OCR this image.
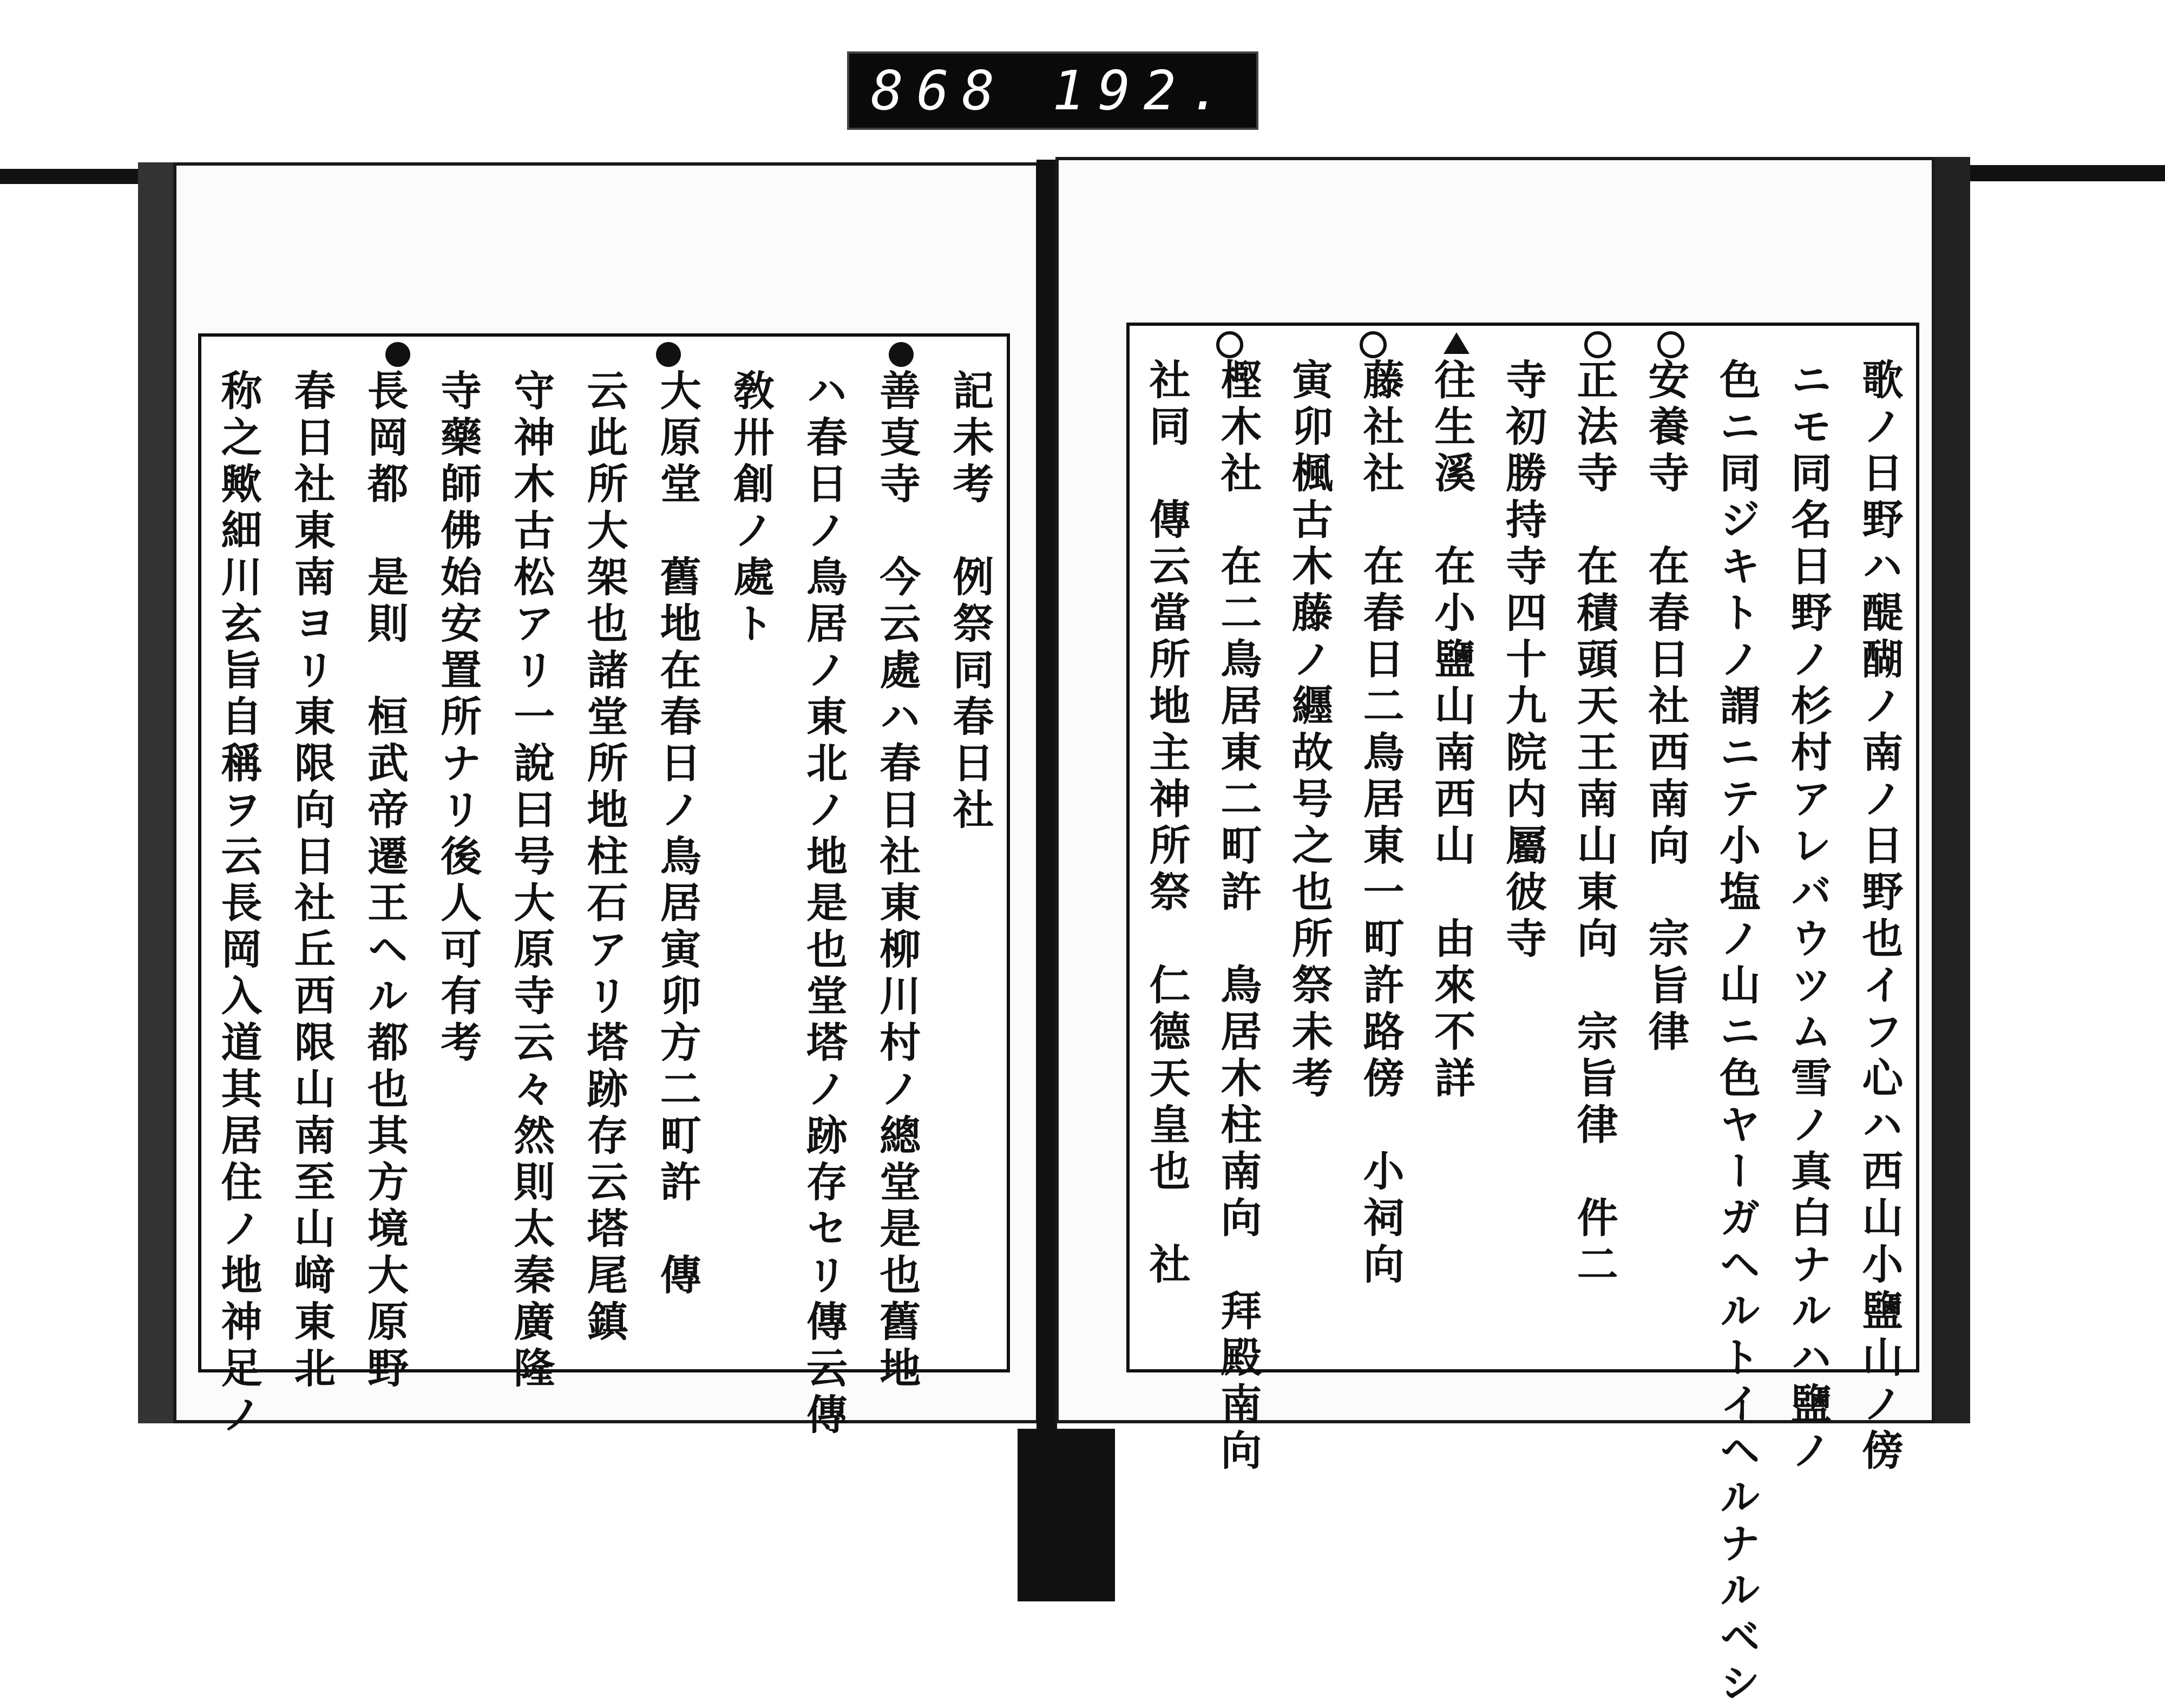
868 192.
記未考　例祭同春日社
善㕝寺　今云處ハ春日社東柳川村ノ總堂是也舊地
ハ春日ノ鳥居ノ東北ノ地是也堂塔ノ跡存セリ傳云傳
敎卅創ノ處ト
大原堂　舊地在春日ノ鳥居寅卯方二町許　傳
云此所大架也諸堂所地柱石アリ塔跡存云塔尾鎮
守神木古松アリ一說曰号大原寺云々然則太秦廣隆
寺藥師佛始安置所ナリ後人可有考
長岡都　是則　桓武帝遷王ヘル都也其方境大原野
春日社東南ヨリ東限向日社丘西限山南至山﨑東北
称之歟細川玄旨自稱ヲ云長岡入道其居住ノ地神足ノ	歌ノ日野ハ醍醐ノ南ノ日野也イフ心ハ西山小鹽山ノ傍
ニモ同名日野ノ杉村アレバウツム雪ノ真白ナルハ鹽ノ
色ニ同ジキトノ謂ニテ小塩ノ山ニ色ヤーガヘルトイヘルナルベシ
安養寺　在春日社西南向　宗旨律
正法寺　在積頭天王南山東向　宗旨律　件二
寺初勝持寺四十九院内屬彼寺
往生溪　在小鹽山南西山　由來不詳
藤社社　在春日二鳥居東一町許路傍　小祠向
寅卯楓古木藤ノ纒故号之也所祭未考
樫木社　在二鳥居東二町許　鳥居木柱南向　拜殿南向
社同　傳云當所地主神所祭　仁德天皇也　社
